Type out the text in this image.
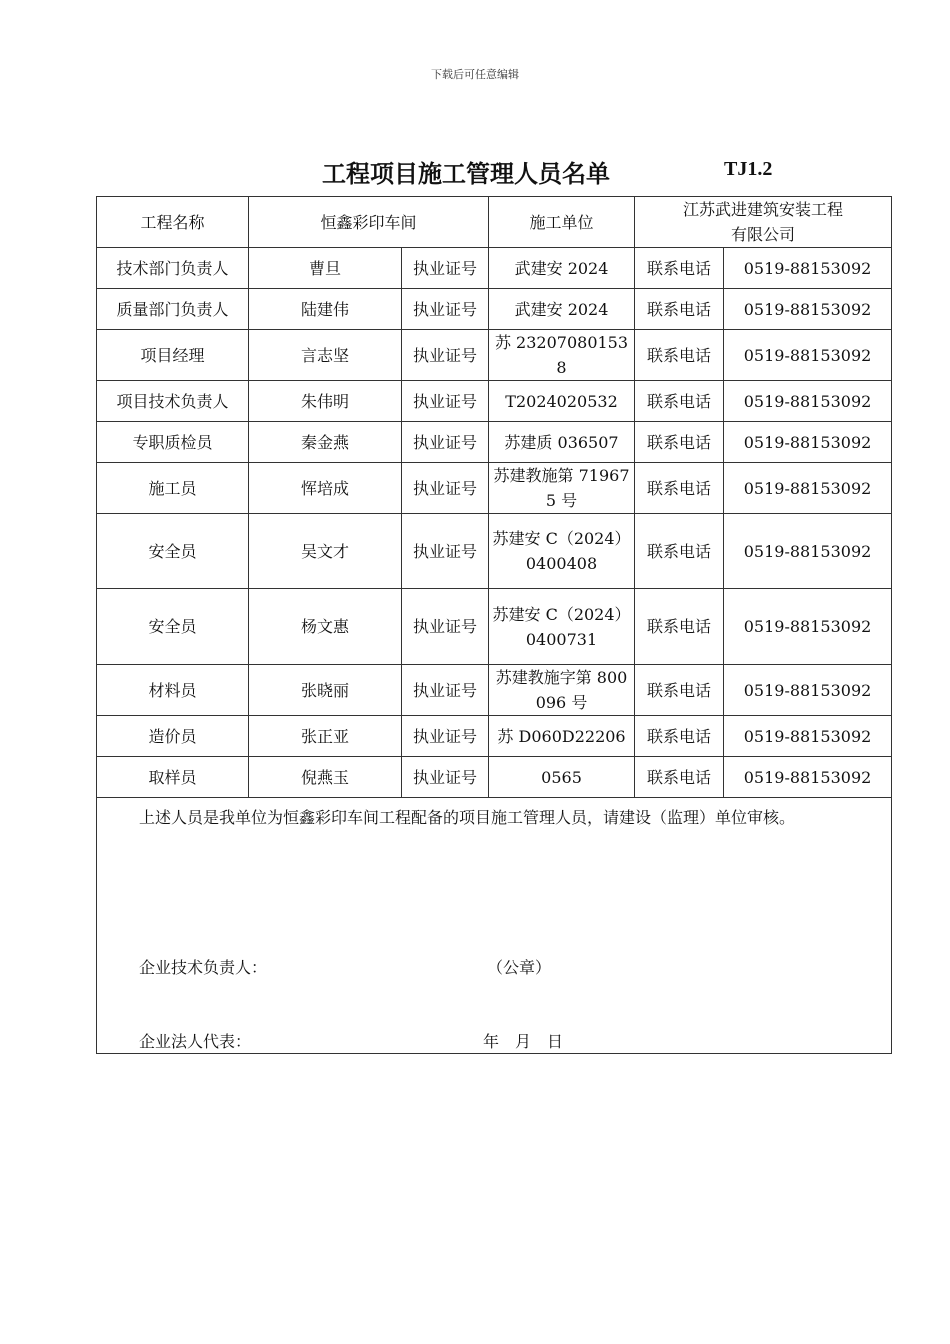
下载后可任意编辑
工程项目施工管理人员名单	TJ1.2
工程名称	恒鑫彩印车间		施工单位	江苏武进建筑安装工程
有限公司	

技术部门负责人	曹旦	执业证号	武建安 2024	联系电话	0519-88153092
质量部门负责人	陆建伟	执业证号	武建安 2024	联系电话	0519-88153092
项目经理	言志坚	执业证号	苏 232070801538	联系电话	0519-88153092
项目技术负责人	朱伟明	执业证号	T2024020532	联系电话	0519-88153092
专职质检员	秦金燕	执业证号	苏建质 036507	联系电话	0519-88153092
施工员	恽培成	执业证号	苏建教施第 719675 号	联系电话	0519-88153092
安全员	吴文才	执业证号	苏建安 C（2024）0400408	联系电话	0519-88153092
安全员	杨文惠	执业证号	苏建安 C（2024）0400731	联系电话	0519-88153092
材料员	张晓丽	执业证号	苏建教施字第 800096 号	联系电话	0519-88153092
造价员	张正亚	执业证号	苏 D060D22206	联系电话	0519-88153092
取样员	倪燕玉	执业证号	0565	联系电话	0519-88153092
上述人员是我单位为恒鑫彩印车间工程配备的项目施工管理人员，请建设（监理）单位审核。
企业技术负责人：	（公章）
企业法人代表：	年　月　日
